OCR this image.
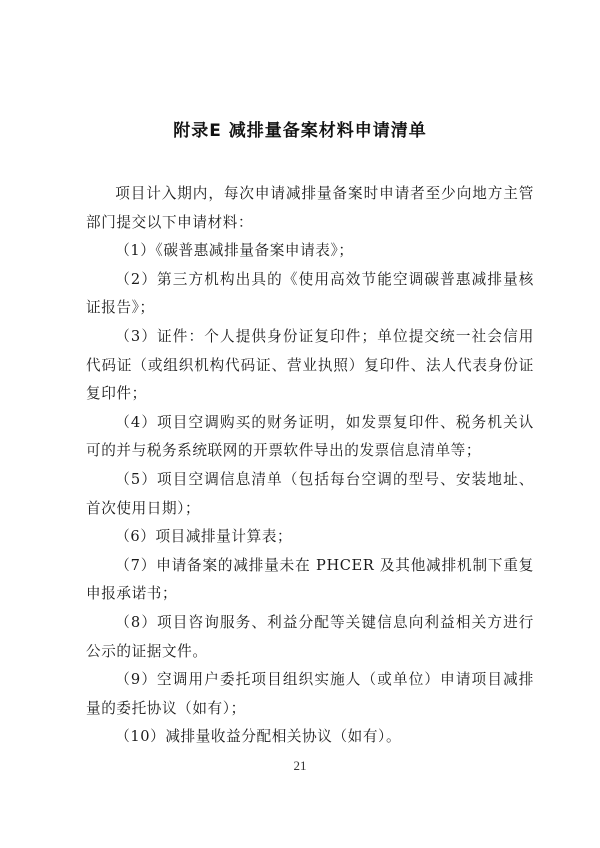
附录E 减排量备案材料申请清单

项目计入期内，每次申请减排量备案时申请者至少向地方主管部门提交以下申请材料：

（1）《碳普惠减排量备案申请表》；

（2）第三方机构出具的《使用高效节能空调碳普惠减排量核证报告》；

（3）证件：个人提供身份证复印件；单位提交统一社会信用代码证（或组织机构代码证、营业执照）复印件、法人代表身份证复印件；

（4）项目空调购买的财务证明，如发票复印件、税务机关认可的并与税务系统联网的开票软件导出的发票信息清单等；

（5）项目空调信息清单（包括每台空调的型号、安装地址、首次使用日期）；

（6）项目减排量计算表；

（7）申请备案的减排量未在 PHCER 及其他减排机制下重复申报承诺书；

（8）项目咨询服务、利益分配等关键信息向利益相关方进行公示的证据文件。

（9）空调用户委托项目组织实施人（或单位）申请项目减排量的委托协议（如有）；

（10）减排量收益分配相关协议（如有）。

21
